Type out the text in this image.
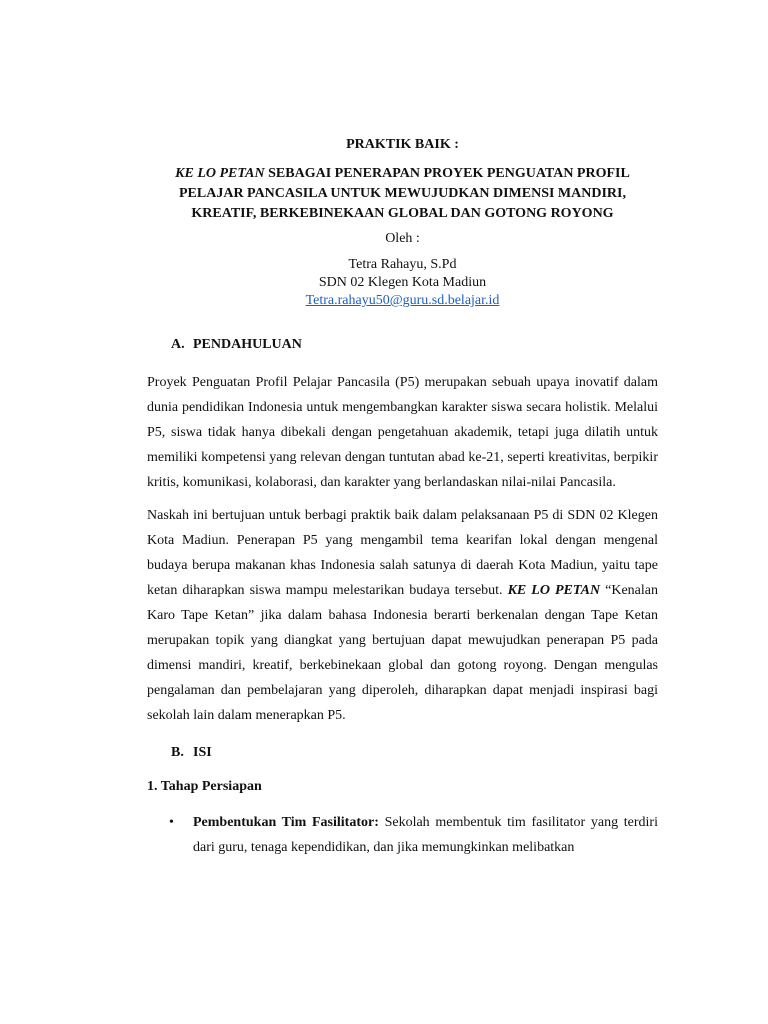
PRAKTIK BAIK :

KE LO PETAN SEBAGAI PENERAPAN PROYEK PENGUATAN PROFIL PELAJAR PANCASILA UNTUK MEWUJUDKAN DIMENSI MANDIRI, KREATIF, BERKEBINEKAAN GLOBAL DAN GOTONG ROYONG

Oleh :

Tetra Rahayu, S.Pd
SDN 02 Klegen Kota Madiun
Tetra.rahayu50@guru.sd.belajar.id

A. PENDAHULUAN

Proyek Penguatan Profil Pelajar Pancasila (P5) merupakan sebuah upaya inovatif dalam dunia pendidikan Indonesia untuk mengembangkan karakter siswa secara holistik. Melalui P5, siswa tidak hanya dibekali dengan pengetahuan akademik, tetapi juga dilatih untuk memiliki kompetensi yang relevan dengan tuntutan abad ke-21, seperti kreativitas, berpikir kritis, komunikasi, kolaborasi, dan karakter yang berlandaskan nilai-nilai Pancasila.

Naskah ini bertujuan untuk berbagi praktik baik dalam pelaksanaan P5 di SDN 02 Klegen Kota Madiun. Penerapan P5 yang mengambil tema kearifan lokal dengan mengenal budaya berupa makanan khas Indonesia salah satunya di daerah Kota Madiun, yaitu tape ketan diharapkan siswa mampu melestarikan budaya tersebut. KE LO PETAN “Kenalan Karo Tape Ketan” jika dalam bahasa Indonesia berarti berkenalan dengan Tape Ketan merupakan topik yang diangkat yang bertujuan dapat mewujudkan penerapan P5 pada dimensi mandiri, kreatif, berkebinekaan global dan gotong royong. Dengan mengulas pengalaman dan pembelajaran yang diperoleh, diharapkan dapat menjadi inspirasi bagi sekolah lain dalam menerapkan P5.

B. ISI

1. Tahap Persiapan

• Pembentukan Tim Fasilitator: Sekolah membentuk tim fasilitator yang terdiri dari guru, tenaga kependidikan, dan jika memungkinkan melibatkan
